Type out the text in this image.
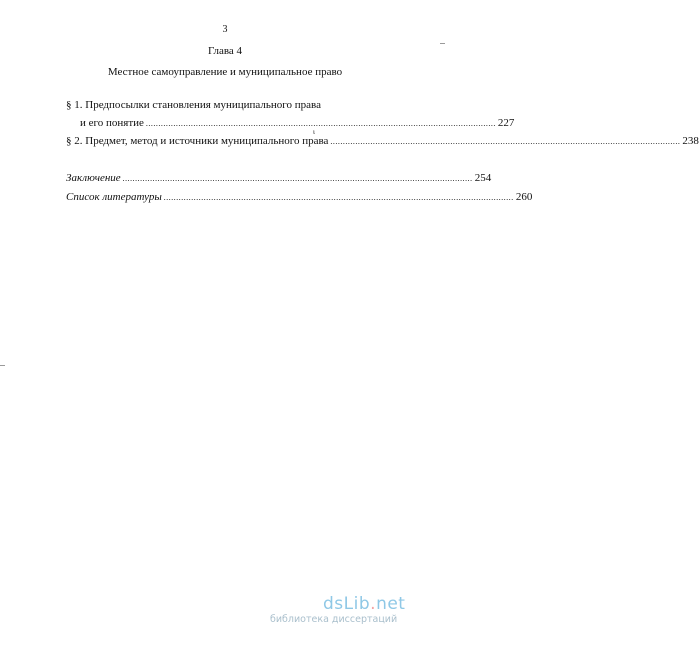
3
Глава 4
Местное самоуправление и муниципальное право
§ 1. Предпосылки становления муниципального права
и его понятие ............................................................................................................................................ 227
ι
§ 2. Предмет, метод и источники муниципального права ............................................................................................................................................ 238
Заключение ............................................................................................................................................ 254
Список литературы ............................................................................................................................................ 260
dsLib.net
библиотека диссертаций
